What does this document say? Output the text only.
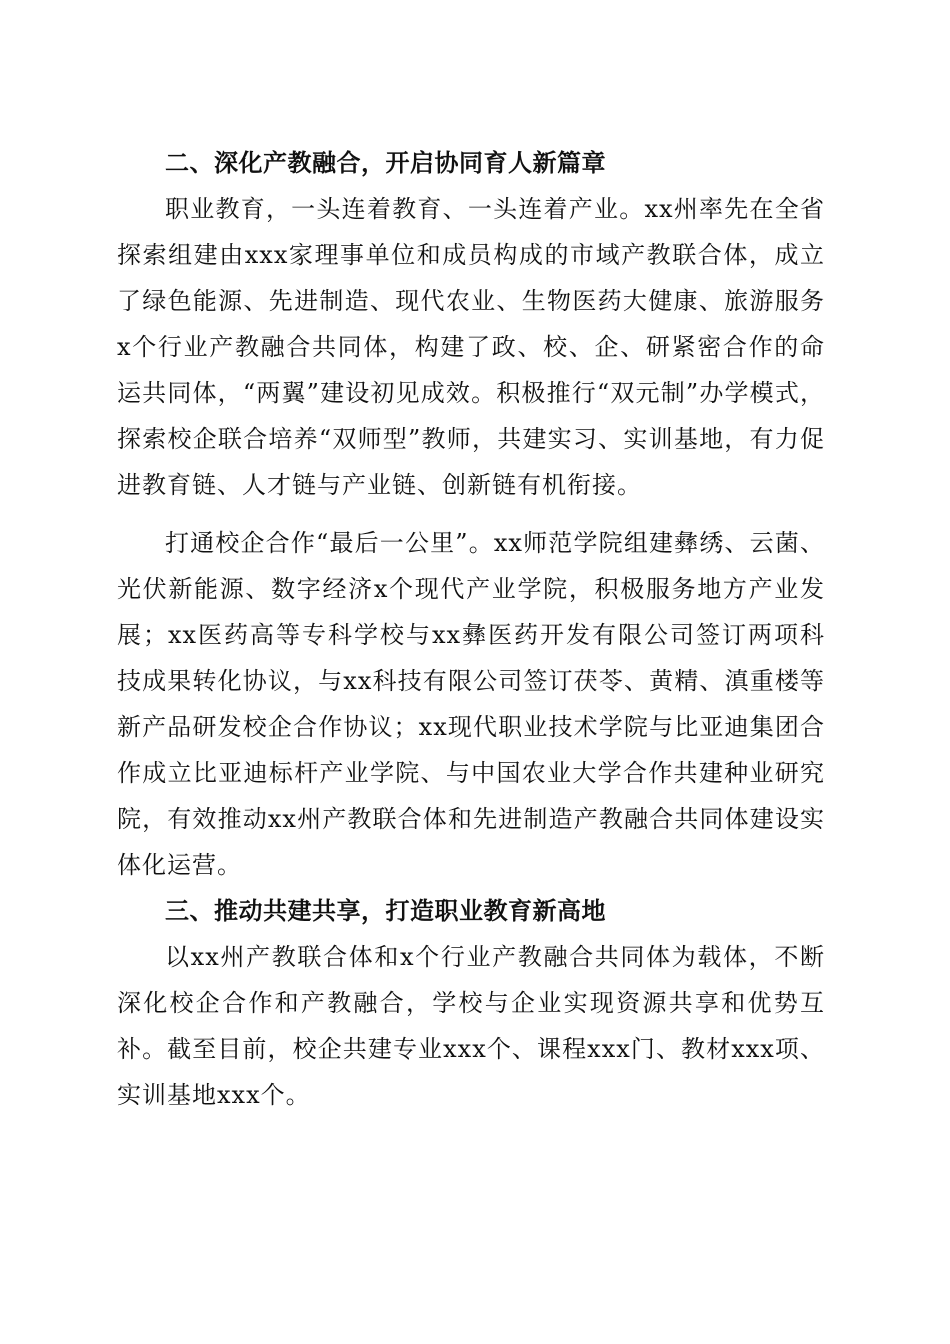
二、深化产教融合，开启协同育人新篇章

职业教育，一头连着教育、一头连着产业。xx州率先在全省探索组建由xxx家理事单位和成员构成的市域产教联合体，成立了绿色能源、先进制造、现代农业、生物医药大健康、旅游服务x个行业产教融合共同体，构建了政、校、企、研紧密合作的命运共同体，“两翼”建设初见成效。积极推行“双元制”办学模式，探索校企联合培养“双师型”教师，共建实习、实训基地，有力促进教育链、人才链与产业链、创新链有机衔接。

打通校企合作“最后一公里”。xx师范学院组建彝绣、云菌、光伏新能源、数字经济x个现代产业学院，积极服务地方产业发展；xx医药高等专科学校与xx彝医药开发有限公司签订两项科技成果转化协议，与xx科技有限公司签订茯苓、黄精、滇重楼等新产品研发校企合作协议；xx现代职业技术学院与比亚迪集团合作成立比亚迪标杆产业学院、与中国农业大学合作共建种业研究院，有效推动xx州产教联合体和先进制造产教融合共同体建设实体化运营。

三、推动共建共享，打造职业教育新高地

以xx州产教联合体和x个行业产教融合共同体为载体，不断深化校企合作和产教融合，学校与企业实现资源共享和优势互补。截至目前，校企共建专业xxx个、课程xxx门、教材xxx项、实训基地xxx个。
